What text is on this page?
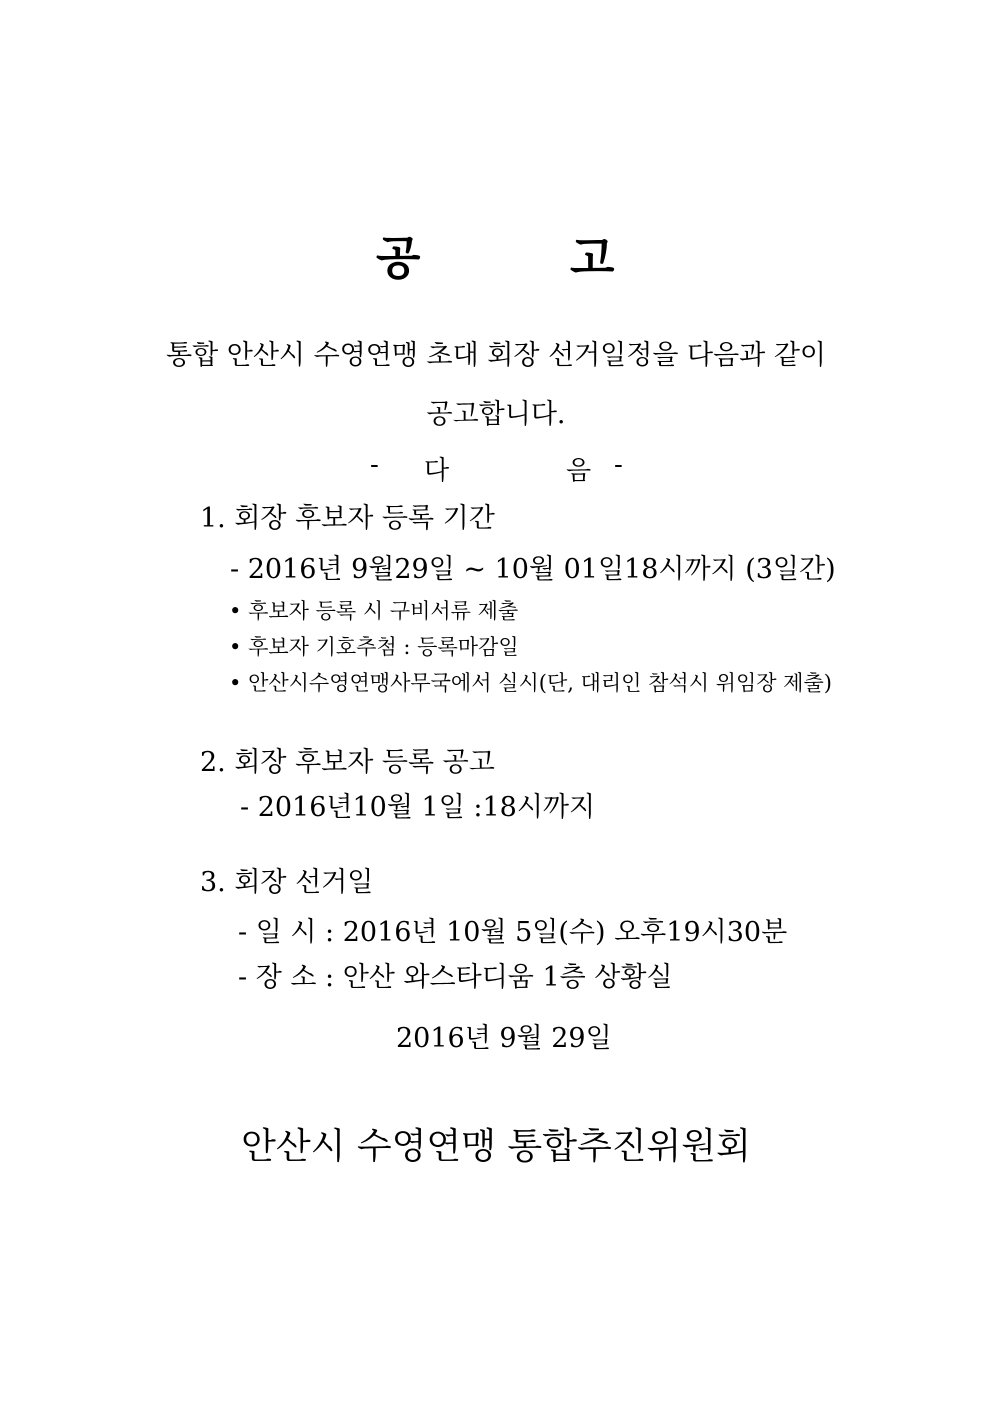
공	고
통합 안산시 수영연맹 초대 회장 선거일정을 다음과 같이
공고합니다.
- 다	음 -
1. 회장 후보자 등록 기간
- 2016년 9월29일 ~ 10월 01일18시까지 (3일간)
• 후보자 등록 시 구비서류 제출
• 후보자 기호추첨 : 등록마감일
• 안산시수영연맹사무국에서 실시(단, 대리인 참석시 위임장 제출)
2. 회장 후보자 등록 공고
- 2016년10월 1일 :18시까지
3. 회장 선거일
- 일 시 : 2016년 10월 5일(수) 오후19시30분
- 장 소 : 안산 와스타디움 1층 상황실
2016년 9월 29일
안산시 수영연맹 통합추진위원회
